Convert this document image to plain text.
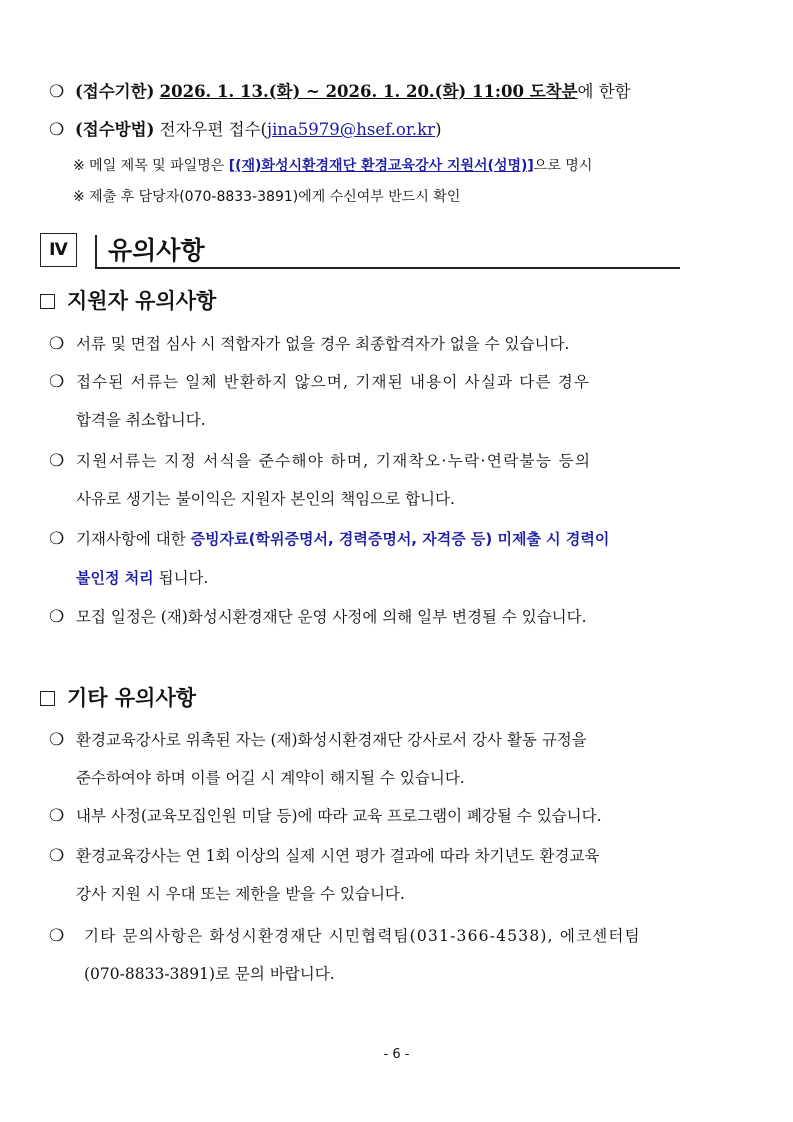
❍ (접수기한) 2026. 1. 13.(화) ~ 2026. 1. 20.(화) 11:00 도착분에 한함
❍ (접수방법) 전자우편 접수(jina5979@hsef.or.kr)
※ 메일 제목 및 파일명은 [(재)화성시환경재단 환경교육강사 지원서(성명)]으로 명시
※ 제출 후 담당자(070-8833-3891)에게 수신여부 반드시 확인
Ⅳ	유의사항
지원자 유의사항
❍ 서류 및 면접 심사 시 적합자가 없을 경우 최종합격자가 없을 수 있습니다.
❍ 접수된 서류는 일체 반환하지 않으며, 기재된 내용이 사실과 다른 경우
합격을 취소합니다.
❍ 지원서류는 지정 서식을 준수해야 하며, 기재착오·누락·연락불능 등의
사유로 생기는 불이익은 지원자 본인의 책임으로 합니다.
❍ 기재사항에 대한 증빙자료(학위증명서, 경력증명서, 자격증 등) 미제출 시 경력이
불인정 처리 됩니다.
❍ 모집 일정은 (재)화성시환경재단 운영 사정에 의해 일부 변경될 수 있습니다.
기타 유의사항
❍ 환경교육강사로 위촉된 자는 (재)화성시환경재단 강사로서 강사 활동 규정을
준수하여야 하며 이를 어길 시 계약이 해지될 수 있습니다.
❍ 내부 사정(교육모집인원 미달 등)에 따라 교육 프로그램이 폐강될 수 있습니다.
❍ 환경교육강사는 연 1회 이상의 실제 시연 평가 결과에 따라 차기년도 환경교육
강사 지원 시 우대 또는 제한을 받을 수 있습니다.
❍ 기타 문의사항은 화성시환경재단 시민협력팀(031-366-4538), 에코센터팀
(070-8833-3891)로 문의 바랍니다.
- 6 -
